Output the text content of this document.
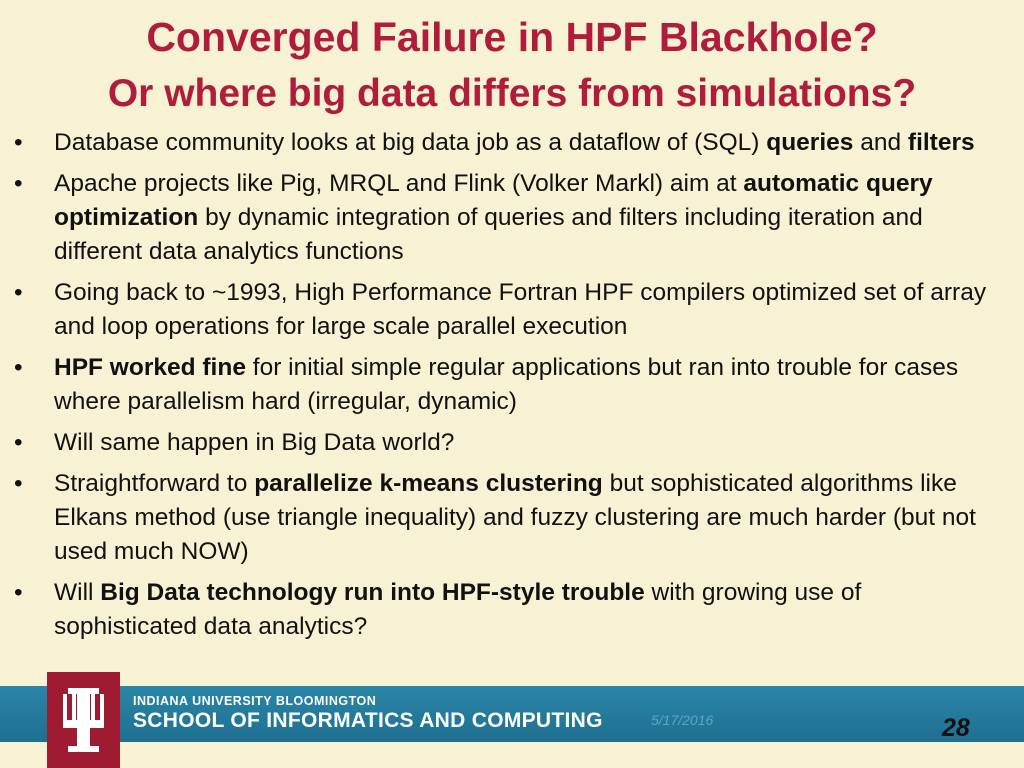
Converged Failure in HPF Blackhole?
Or where big data differs from simulations?
• Database community looks at big data job as a dataflow of (SQL) queries and filters
• Apache projects like Pig, MRQL and Flink (Volker Markl) aim at automatic query optimization by dynamic integration of queries and filters including iteration and different data analytics functions
• Going back to ~1993, High Performance Fortran HPF compilers optimized set of array and loop operations for large scale parallel execution
• HPF worked fine for initial simple regular applications but ran into trouble for cases where parallelism hard (irregular, dynamic)
• Will same happen in Big Data world?
• Straightforward to parallelize k-means clustering but sophisticated algorithms like Elkans method (use triangle inequality) and fuzzy clustering are much harder (but not used much NOW)
• Will Big Data technology run into HPF-style trouble with growing use of sophisticated data analytics?
INDIANA UNIVERSITY BLOOMINGTON
SCHOOL OF INFORMATICS AND COMPUTING	5/17/2016	28
